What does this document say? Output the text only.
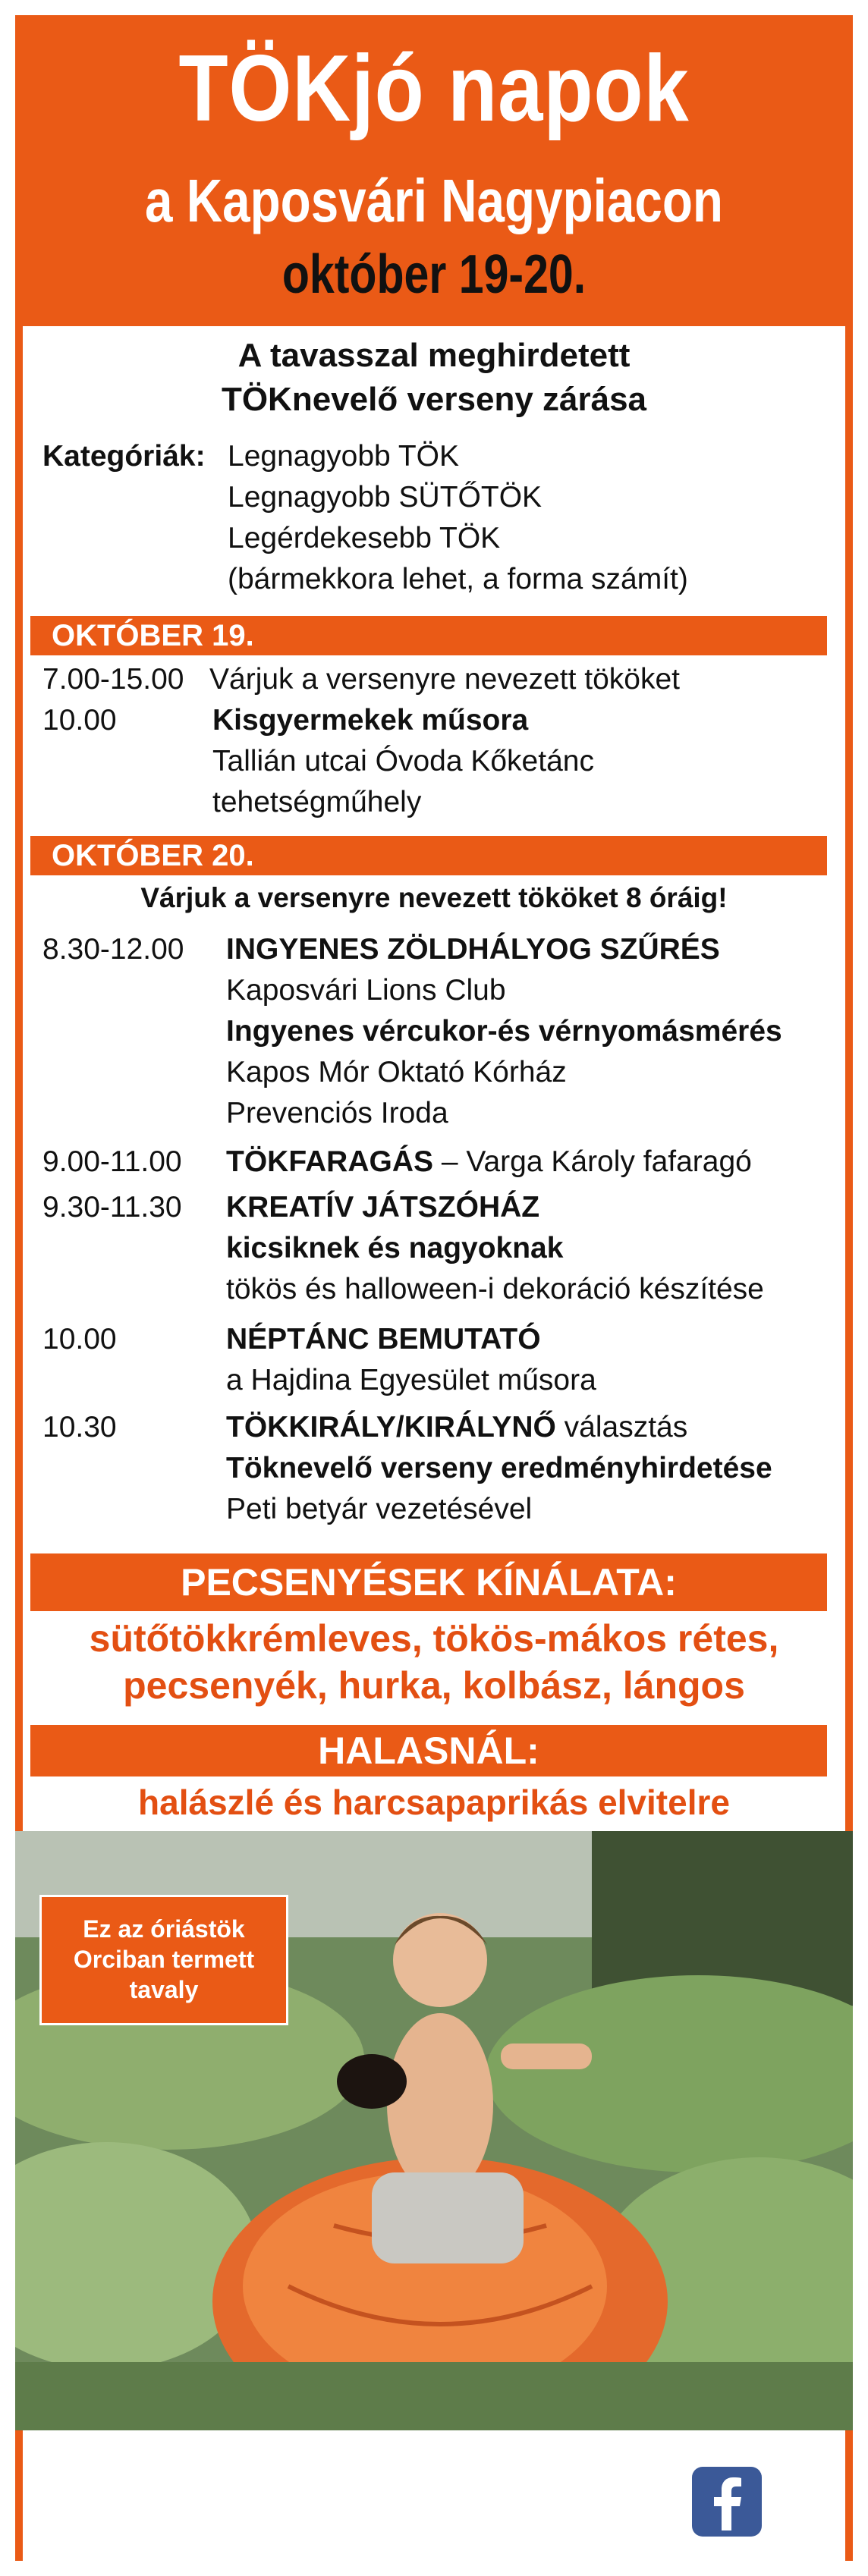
TÖKjó napok
a Kaposvári Nagypiacon
október 19-20.
A tavasszal meghirdetett
TÖKnevelő verseny zárása
Kategóriák: Legnagyobb TÖK
Legnagyobb SÜTŐTÖK
Legérdekesebb TÖK
(bármekkora lehet, a forma számít)
OKTÓBER 19.
7.00-15.00 Várjuk a versenyre nevezett tököket
10.00	Kisgyermekek műsora
Tallián utcai Óvoda Kőketánc
tehetségműhely
OKTÓBER 20.
Várjuk a versenyre nevezett tököket 8 óráig!
8.30-12.00 INGYENES ZÖLDHÁLYOG SZŰRÉS
Kaposvári Lions Club
Ingyenes vércukor-és vérnyomásmérés
Kapos Mór Oktató Kórház
Prevenciós Iroda
9.00-11.00 TÖKFARAGÁS – Varga Károly fafaragó
9.30-11.30 KREATÍV JÁTSZÓHÁZ
kicsiknek és nagyoknak
tökös és halloween-i dekoráció készítése
10.00	NÉPTÁNC BEMUTATÓ
a Hajdina Egyesület műsora
10.30	TÖKKIRÁLY/KIRÁLYNŐ választás
Töknevelő verseny eredményhirdetése
Peti betyár vezetésével
PECSENYÉSEK KÍNÁLATA:
sütőtökkrémleves, tökös-mákos rétes,
pecsenyék, hurka, kolbász, lángos
HALASNÁL:
halászlé és harcsapaprikás elvitelre
Ez az óriástök
Orciban termett
tavaly
www.nagypiac.hu és
